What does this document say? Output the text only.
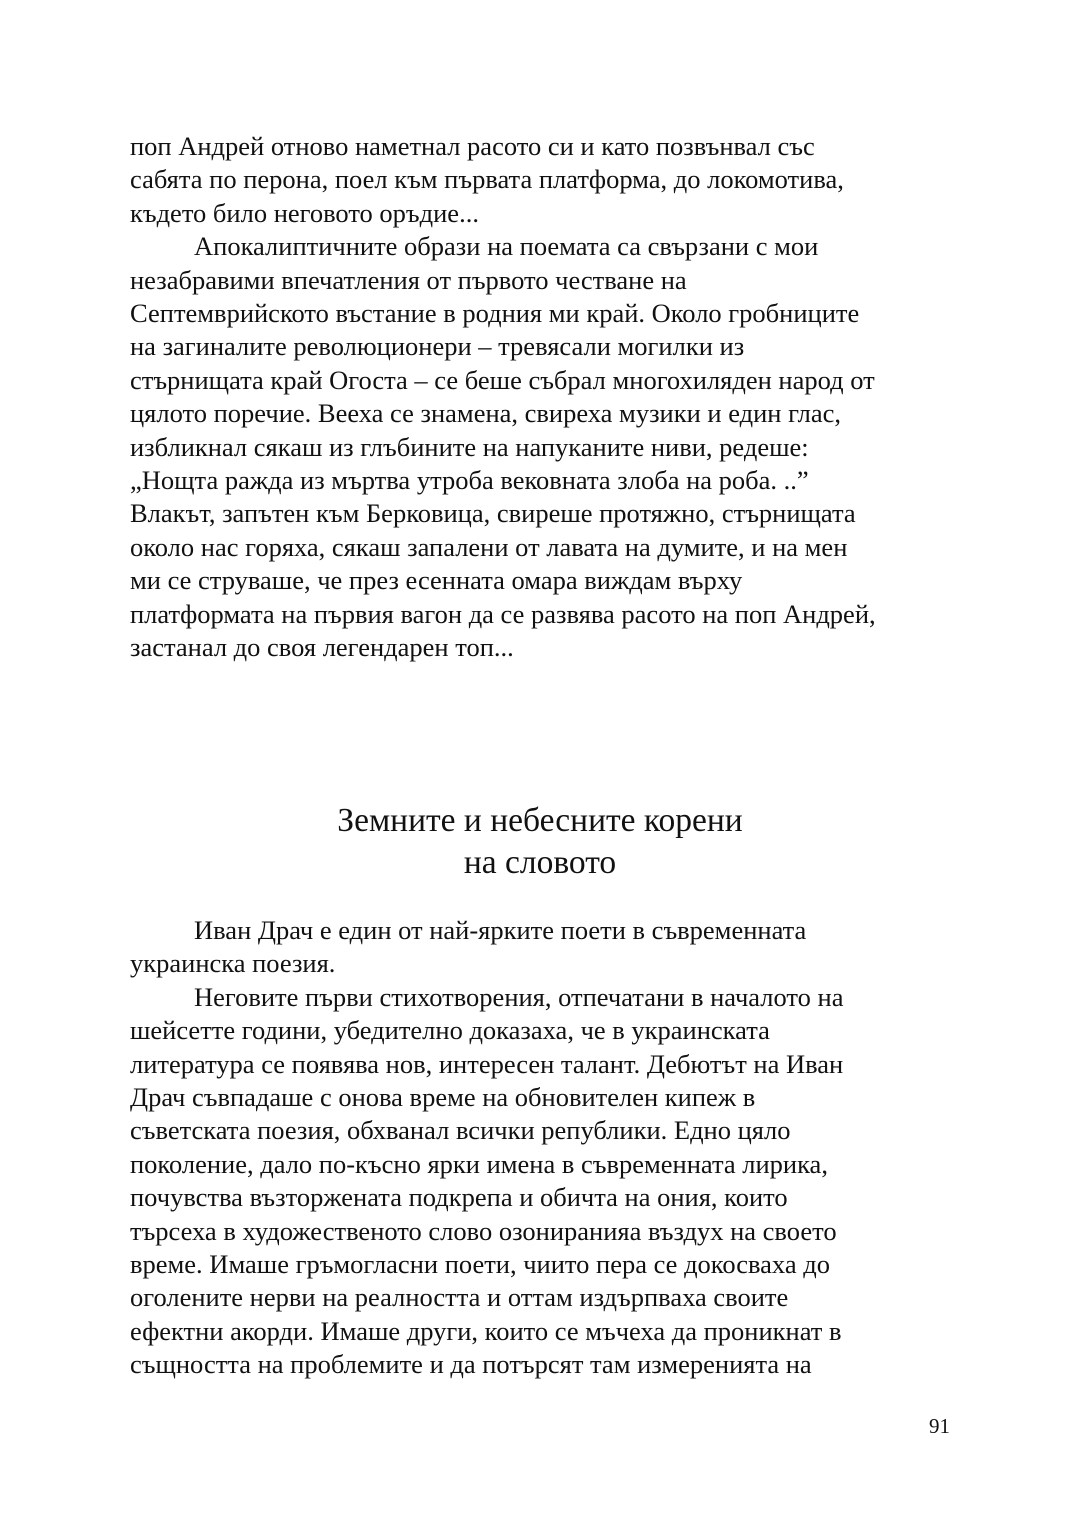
поп Андрей отново наметнал расото си и като позвънвал със
сабята по перона, поел към първата платформа, до локомотива,
където било неговото оръдие...
Апокалиптичните образи на поемата са свързани с мои
незабравими впечатления от първото честване на
Септемврийското въстание в родния ми край. Около гробниците
на загиналите революционери – тревясали могилки из
стърнищата край Огоста – се беше събрал многохиляден народ от
цялото поречие. Вееха се знамена, свиреха музики и един глас,
избликнал сякаш из глъбините на напуканите ниви, редеше:
„Нощта ражда из мъртва утроба вековната злоба на роба. ..”
Влакът, запътен към Берковица, свиреше протяжно, стърнищата
около нас горяха, сякаш запалени от лавата на думите, и на мен
ми се струваше, че през есенната омара виждам върху
платформата на първия вагон да се развява расото на поп Андрей,
застанал до своя легендарен топ...
Земните и небесните корени
на словото
Иван Драч е един от най-ярките поети в съвременната
украинска поезия.
Неговите първи стихотворения, отпечатани в началото на
шейсетте години, убедително доказаха, че в украинската
литература се появява нов, интересен талант. Дебютът на Иван
Драч съвпадаше с онова време на обновителен кипеж в
съветската поезия, обхванал всички републики. Едно цяло
поколение, дало по-късно ярки имена в съвременната лирика,
почувства възторжената подкрепа и обичта на ония, които
търсеха в художественото слово озониранияa въздух на своето
време. Имаше гръмогласни поети, чиито пера се докосваха до
оголените нерви на реалността и оттам издърпваха своите
ефектни акорди. Имаше други, които се мъчеха да проникнат в
същността на проблемите и да потърсят там измеренията на
91
